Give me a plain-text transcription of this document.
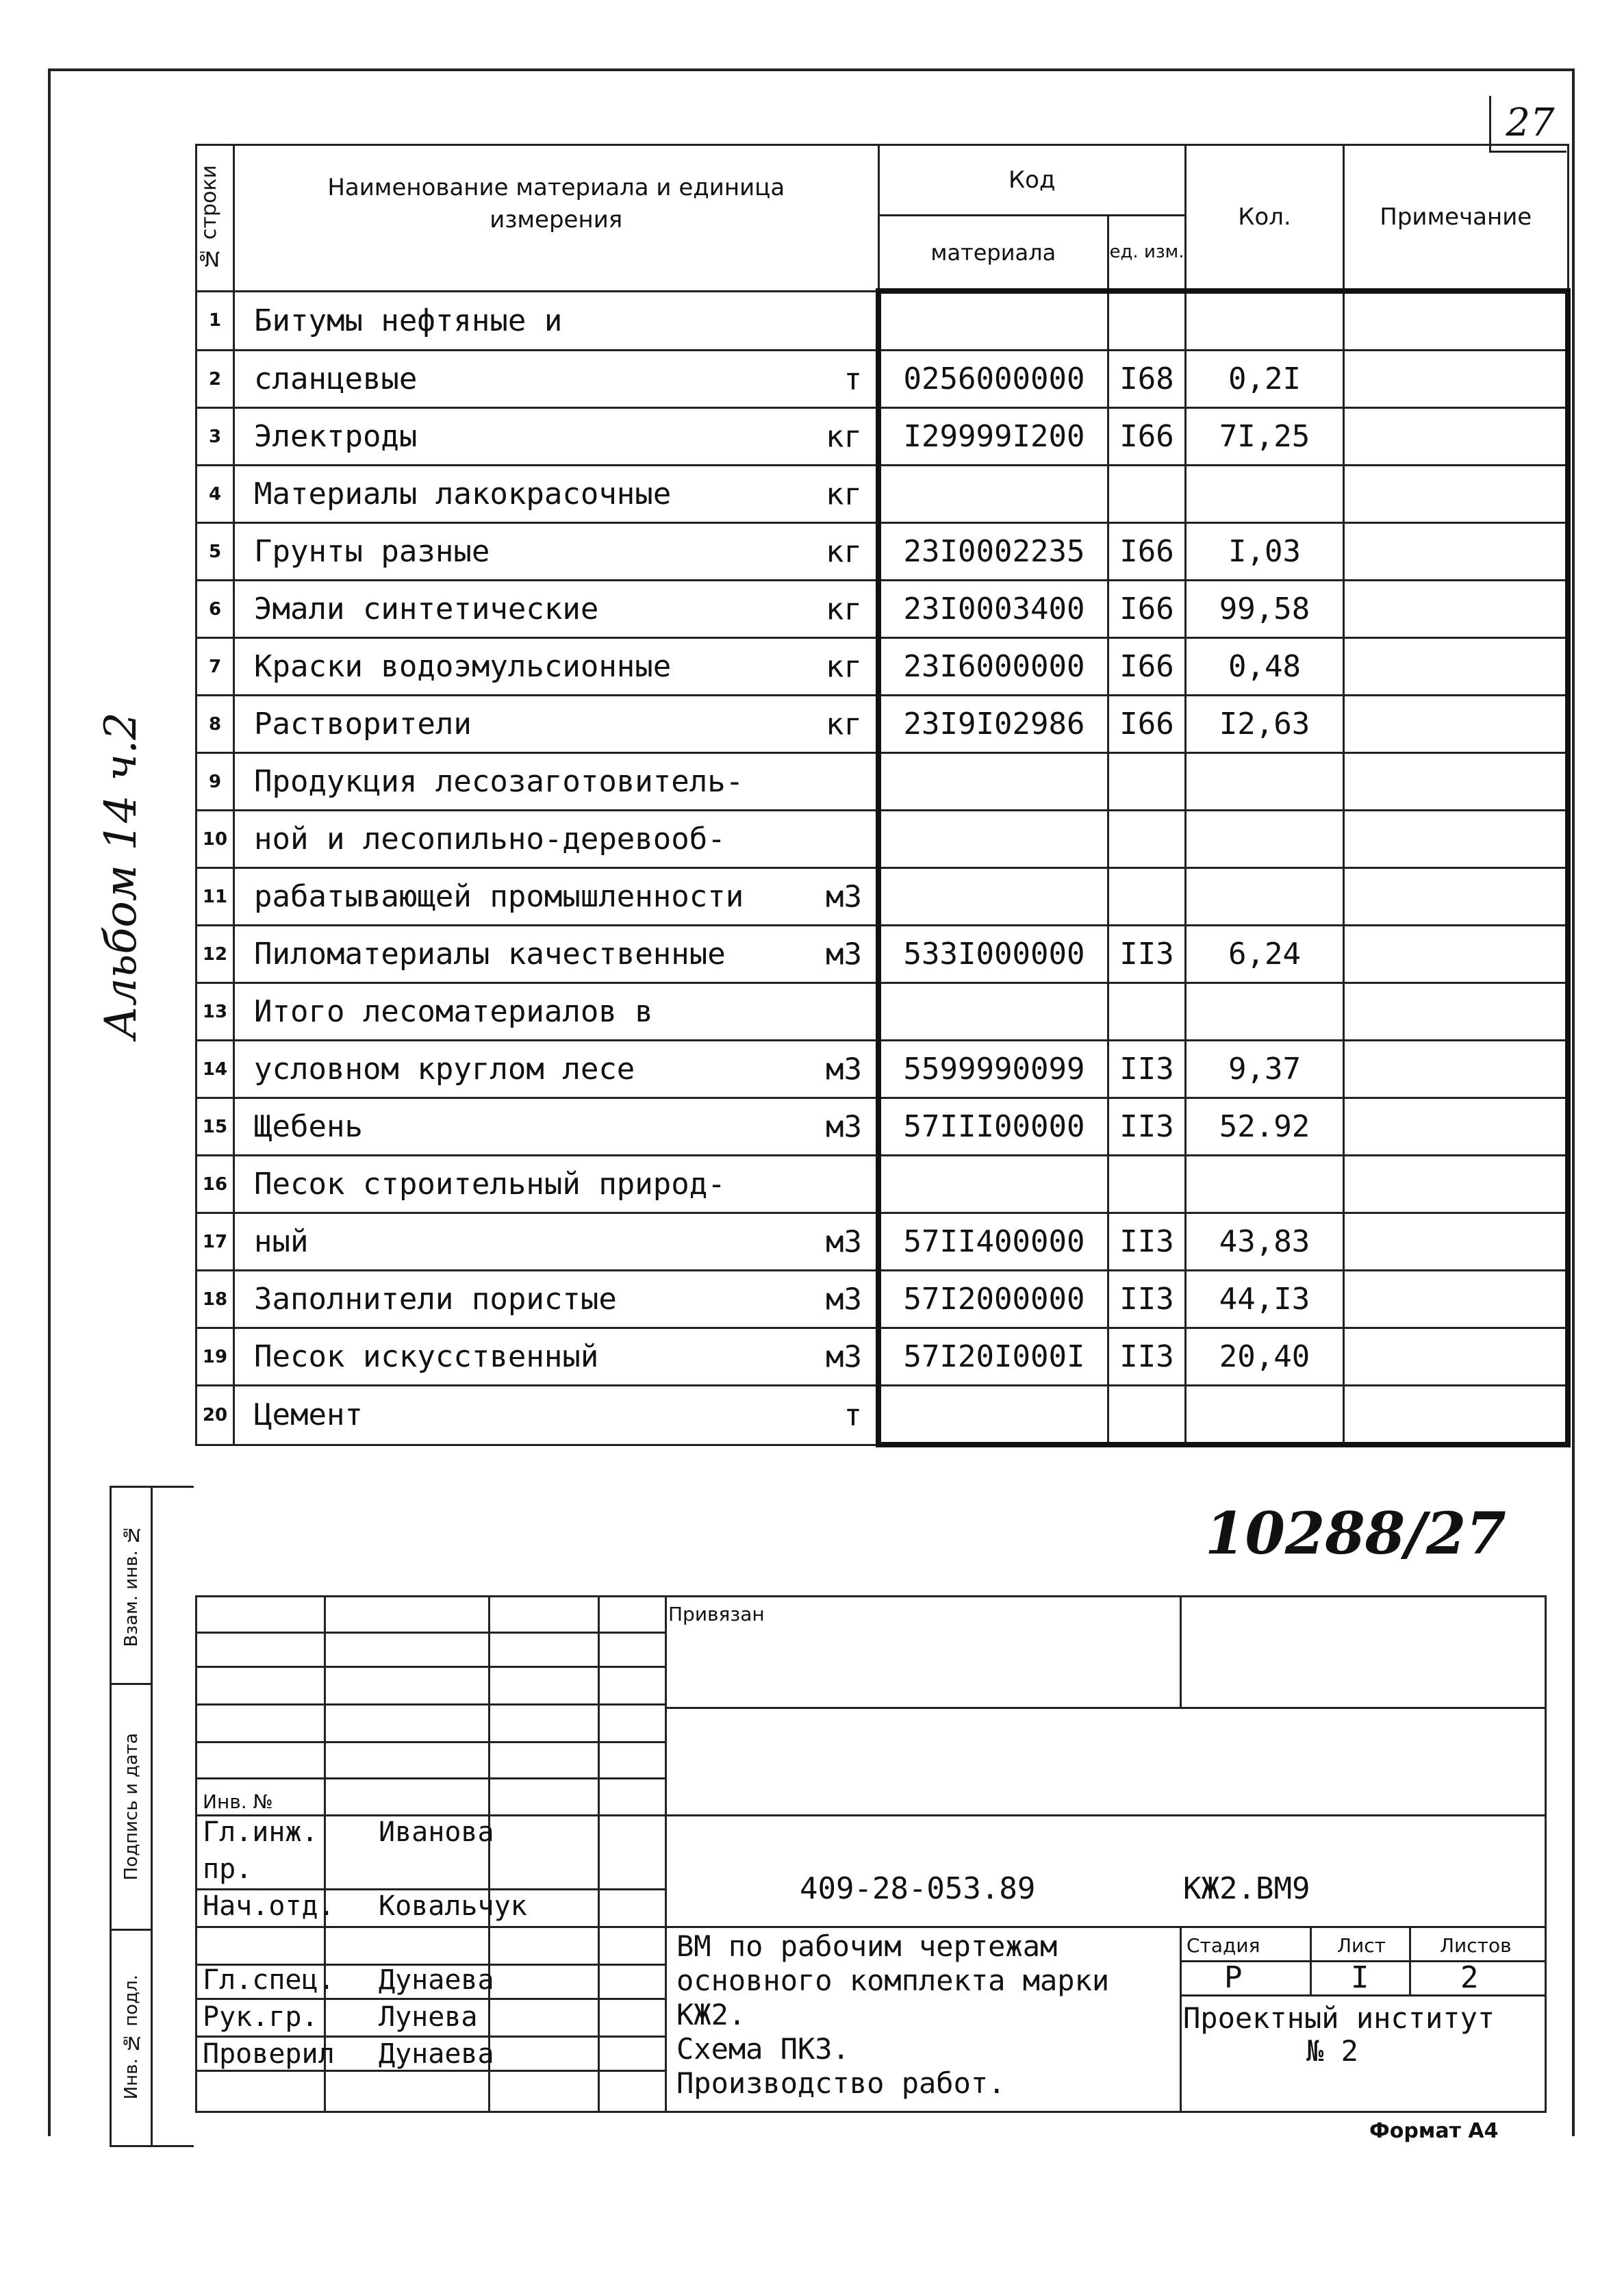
27
Альбом 14 ч.2
№ строки	Наименование материала и единица измерения	Код		Кол.	Примечание
		материала	ед. изм.		
1	Битумы нефтяные и

2	сланцевые т	0256000000	I68	0,2I	
3	Электроды кг	I29999I200	I66	7I,25	
4	Материалы лакокрасочные кг				

5	Грунты разные кг	23I0002235	I66	I,03	
6	Эмали синтетические кг	23I0003400	I66	99,58	
7	Краски водоэмульсионные кг	23I6000000	I66	0,48	
8	Растворители кг	23I9I02986	I66	I2,63	
9	Продукция лесозаготовитель-

10	ной и лесопильно-деревооб-

11	рабатывающей промышленности м3				

12	Пиломатериалы качественные м3	533I000000	II3	6,24	
13	Итого лесоматериалов в

14	условном круглом лесе м3	5599990099	II3	9,37	
15	Щебень м3	57III00000	II3	52.92	
16	Песок строительный природ-

17	ный м3	57II400000	II3	43,83	
18	Заполнители пористые м3	57I2000000	II3	44,I3	
19	Песок искусственный м3	57I20I000I	II3	20,40	
20	Цемент т				

10288/27
Взам. инв. №
Подпись и дата
Инв. № подл.
Привязан
Инв. №
Гл.инж. Иванова
пр.
Нач.отд. Ковальчук
Гл.спец. Дунаева
Рук.гр. Лунева
Проверил Дунаева
409-28-053.89	КЖ2.ВМ9
ВМ по рабочим чертежам
основного комплекта марки
КЖ2.
Схема ПКЗ.
Производство работ.
Стадия	Лист	Листов
Р	I	2
Проектный институт
№ 2
Формат А4
